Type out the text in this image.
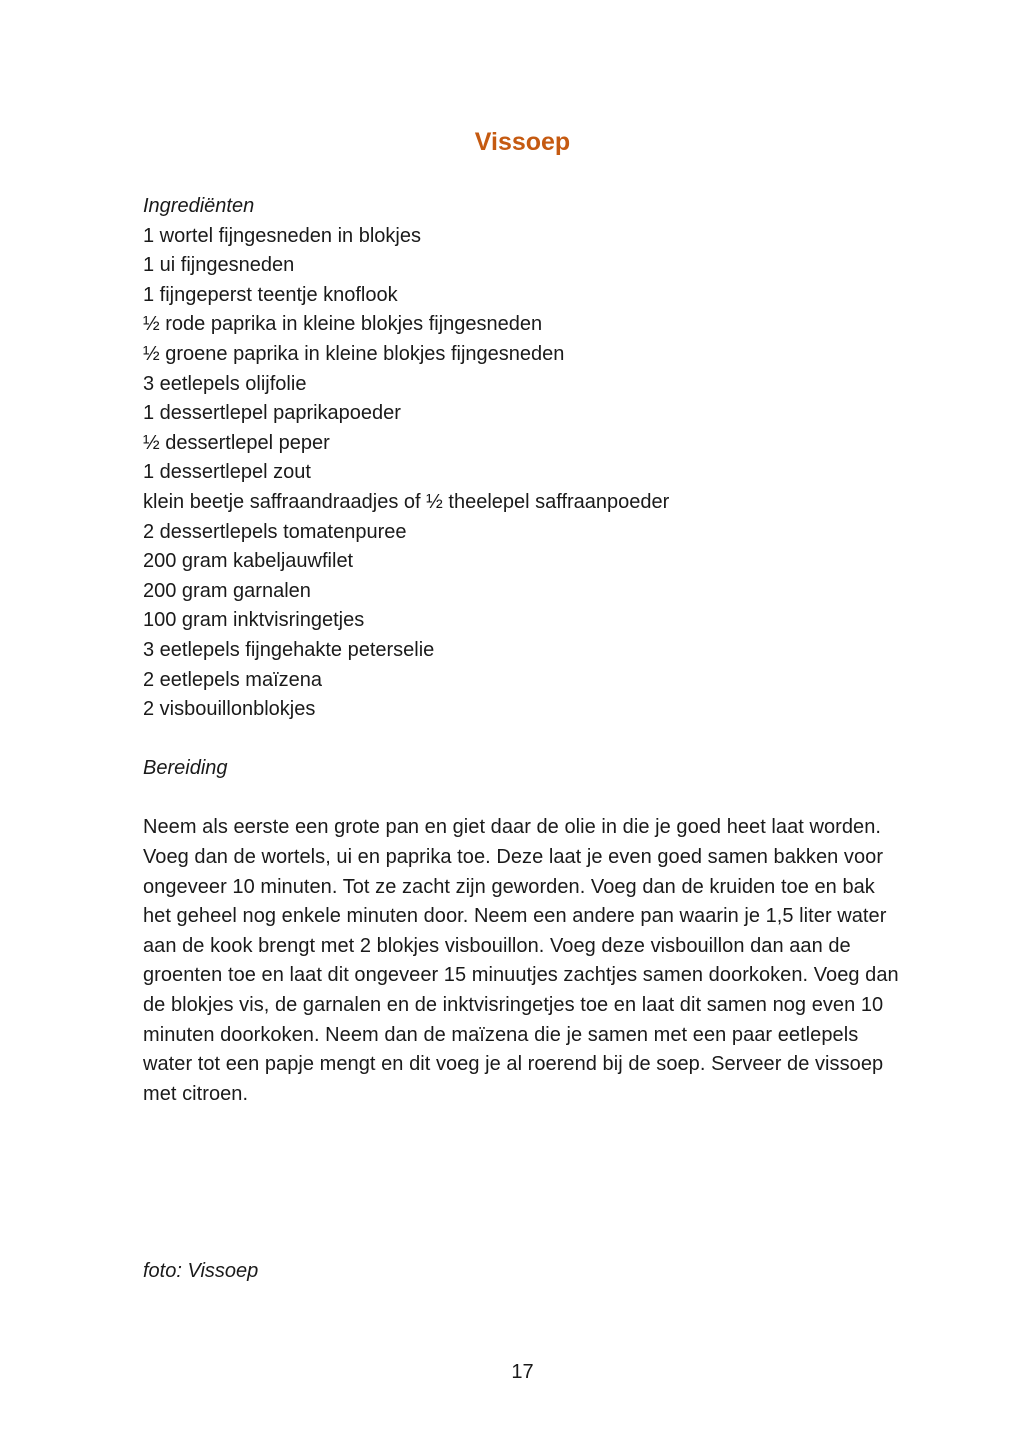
Vissoep
Ingrediënten
1 wortel fijngesneden in blokjes
1 ui fijngesneden
1 fijngeperst teentje knoflook
½ rode paprika in kleine blokjes fijngesneden
½ groene paprika in kleine blokjes fijngesneden
3 eetlepels olijfolie
1 dessertlepel paprikapoeder
½ dessertlepel peper
1 dessertlepel zout
klein beetje saffraandraadjes of ½ theelepel saffraanpoeder
2 dessertlepels tomatenpuree
200 gram kabeljauwfilet
200 gram garnalen
100 gram inktvisringetjes
3 eetlepels fijngehakte peterselie
2 eetlepels maïzena
2 visbouillonblokjes
Bereiding
Neem als eerste een grote pan en giet daar de olie in die je goed heet laat worden. Voeg dan de wortels, ui en paprika toe. Deze laat je even goed samen bakken voor ongeveer 10 minuten. Tot ze zacht zijn geworden. Voeg dan de kruiden toe en bak het geheel nog enkele minuten door. Neem een andere pan waarin je 1,5 liter water aan de kook brengt met 2 blokjes visbouillon. Voeg deze visbouillon dan aan de groenten toe en laat dit ongeveer 15 minuutjes zachtjes samen doorkoken. Voeg dan de blokjes vis, de garnalen en de inktvisringetjes toe en laat dit samen nog even 10 minuten doorkoken. Neem dan de maïzena die je samen met een paar eetlepels water tot een papje mengt en dit voeg je al roerend bij de soep. Serveer de vissoep met citroen.
foto: Vissoep
17
